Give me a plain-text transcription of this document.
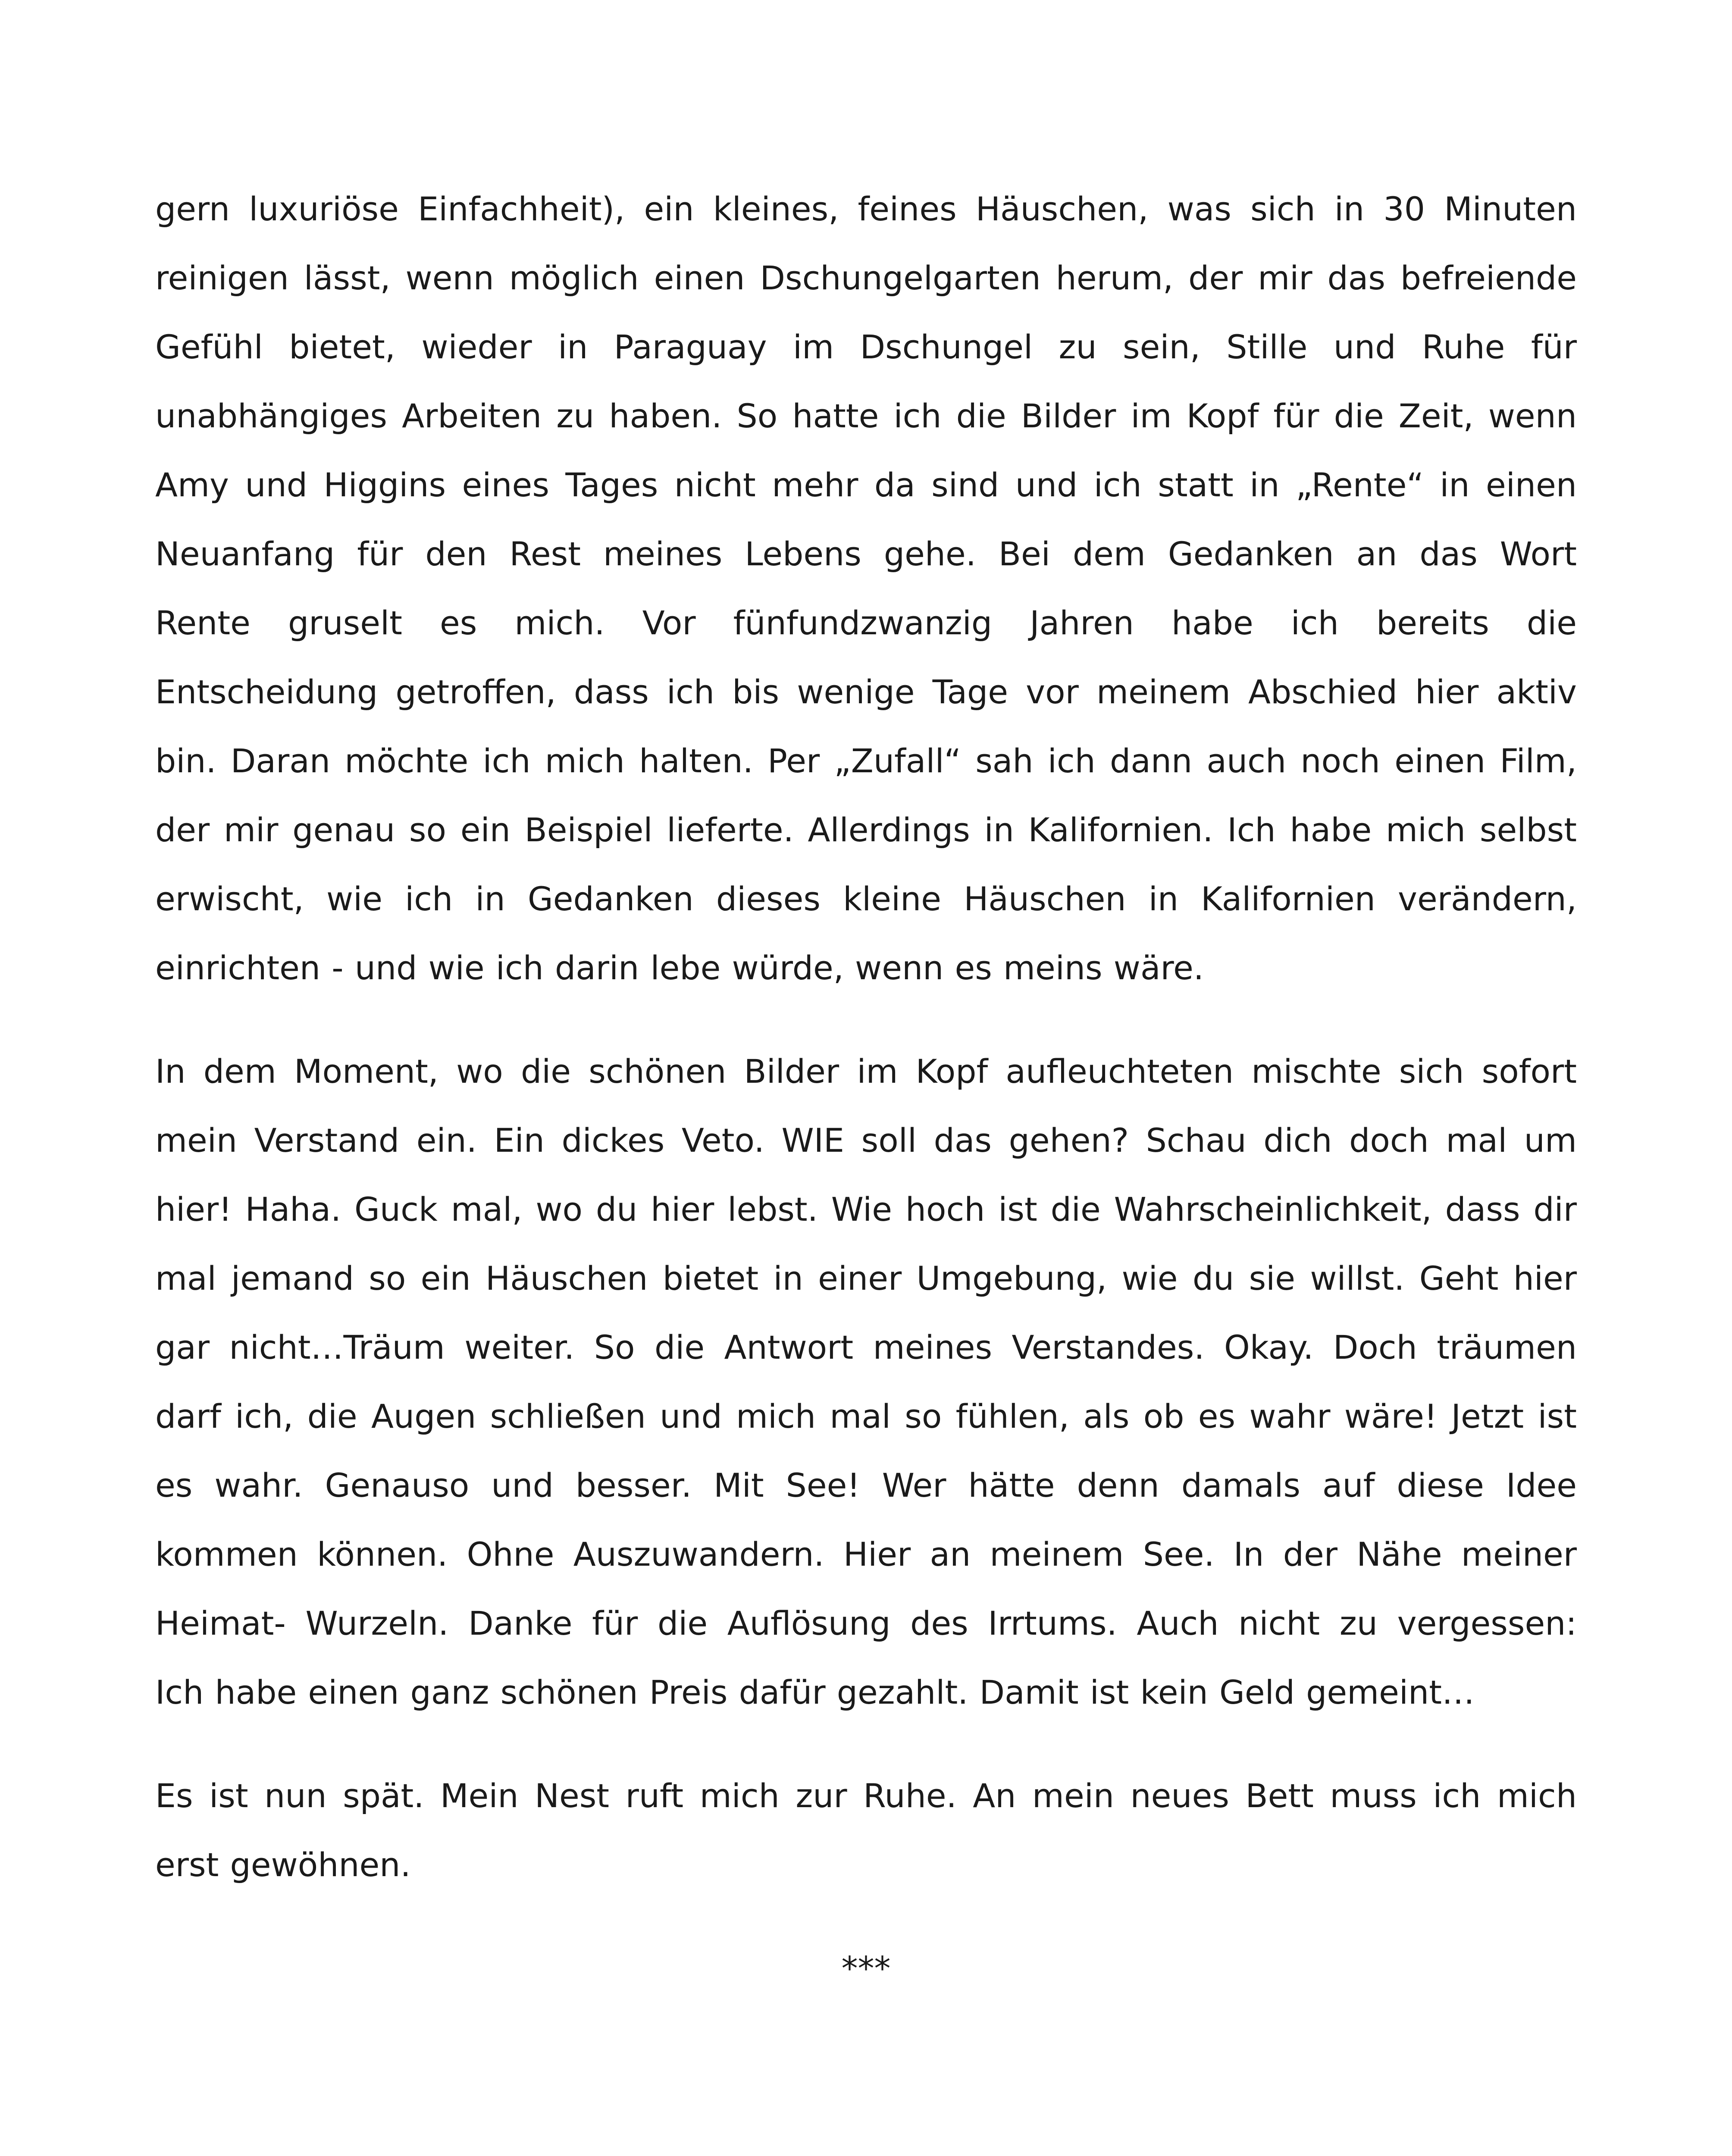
gern luxuriöse Einfachheit), ein kleines, feines Häuschen, was sich in 30 Minuten
reinigen lässt, wenn möglich einen Dschungelgarten herum, der mir das befreiende
Gefühl bietet, wieder in Paraguay im Dschungel zu sein, Stille und Ruhe für
unabhängiges Arbeiten zu haben. So hatte ich die Bilder im Kopf für die Zeit, wenn
Amy und Higgins eines Tages nicht mehr da sind und ich statt in „Rente“ in einen
Neuanfang für den Rest meines Lebens gehe. Bei dem Gedanken an das Wort
Rente gruselt es mich. Vor fünfundzwanzig Jahren habe ich bereits die
Entscheidung getroffen, dass ich bis wenige Tage vor meinem Abschied hier aktiv
bin. Daran möchte ich mich halten. Per „Zufall“ sah ich dann auch noch einen Film,
der mir genau so ein Beispiel lieferte. Allerdings in Kalifornien. Ich habe mich selbst
erwischt, wie ich in Gedanken dieses kleine Häuschen in Kalifornien verändern,
einrichten - und wie ich darin lebe würde, wenn es meins wäre.
In dem Moment, wo die schönen Bilder im Kopf aufleuchteten mischte sich sofort
mein Verstand ein. Ein dickes Veto. WIE soll das gehen? Schau dich doch mal um
hier! Haha. Guck mal, wo du hier lebst. Wie hoch ist die Wahrscheinlichkeit, dass dir
mal jemand so ein Häuschen bietet in einer Umgebung, wie du sie willst. Geht hier
gar nicht…Träum weiter. So die Antwort meines Verstandes. Okay. Doch träumen
darf ich, die Augen schließen und mich mal so fühlen, als ob es wahr wäre! Jetzt ist
es wahr. Genauso und besser. Mit See! Wer hätte denn damals auf diese Idee
kommen können. Ohne Auszuwandern. Hier an meinem See. In der Nähe meiner
Heimat- Wurzeln. Danke für die Auflösung des Irrtums. Auch nicht zu vergessen:
Ich habe einen ganz schönen Preis dafür gezahlt. Damit ist kein Geld gemeint…
Es ist nun spät. Mein Nest ruft mich zur Ruhe. An mein neues Bett muss ich mich
erst gewöhnen.
***
